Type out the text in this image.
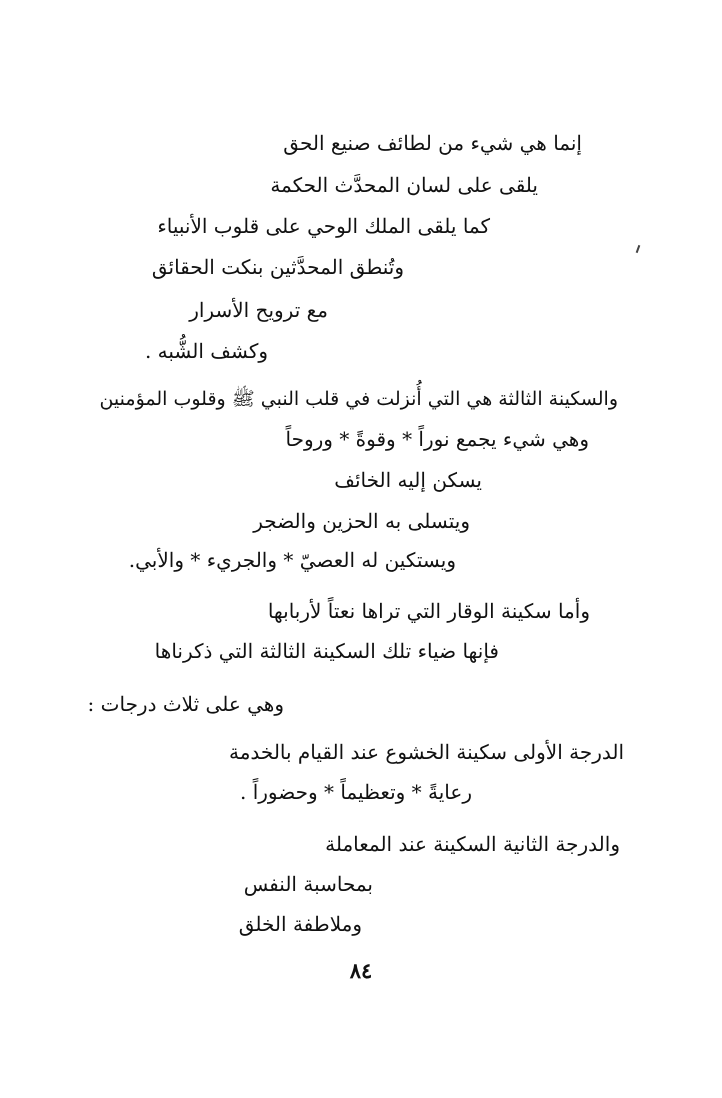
إنما هي شيء من لطائف صنيع الحق
يلقى على لسان المحدَّث الحكمة
كما يلقى الملك الوحي على قلوب الأنبياء
وتُنطق المحدَّثين بنكت الحقائق
مع ترويح الأسرار
وكشف الشُّبه .
والسكينة الثالثة هي التي أُنزلت في قلب النبي ﷺ وقلوب المؤمنين
وهي شيء يجمع نوراً * وقوةً * وروحاً
يسكن إليه الخائف
ويتسلى به الحزين والضجر
ويستكين له العصيّ * والجريء * والأبي.
وأما سكينة الوقار التي تراها نعتاً لأربابها
فإنها ضياء تلك السكينة الثالثة التي ذكرناها
وهي على ثلاث درجات :
الدرجة الأولى سكينة الخشوع عند القيام بالخدمة
رعايةً * وتعظيماً * وحضوراً .
والدرجة الثانية السكينة عند المعاملة
بمحاسبة النفس
وملاطفة الخلق
٨٤
